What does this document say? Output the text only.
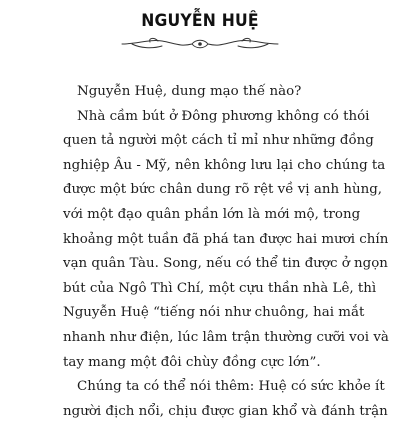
NGUYỄN HUỆ
Nguyễn Huệ, dung mạo thế nào?
Nhà cầm bút ở Đông phương không có thói
quen tả người một cách tỉ mỉ như những đồng
nghiệp Âu - Mỹ, nên không lưu lại cho chúng ta
được một bức chân dung rõ rệt về vị anh hùng,
với một đạo quân phần lớn là mới mộ, trong
khoảng một tuần đã phá tan được hai mươi chín
vạn quân Tàu. Song, nếu có thể tin được ở ngọn
bút của Ngô Thì Chí, một cựu thần nhà Lê, thì
Nguyễn Huệ “tiếng nói như chuông, hai mắt
nhanh như điện, lúc lâm trận thường cưỡi voi và
tay mang một đôi chùy đồng cực lớn”.
Chúng ta có thể nói thêm: Huệ có sức khỏe ít
người địch nổi, chịu được gian khổ và đánh trận
